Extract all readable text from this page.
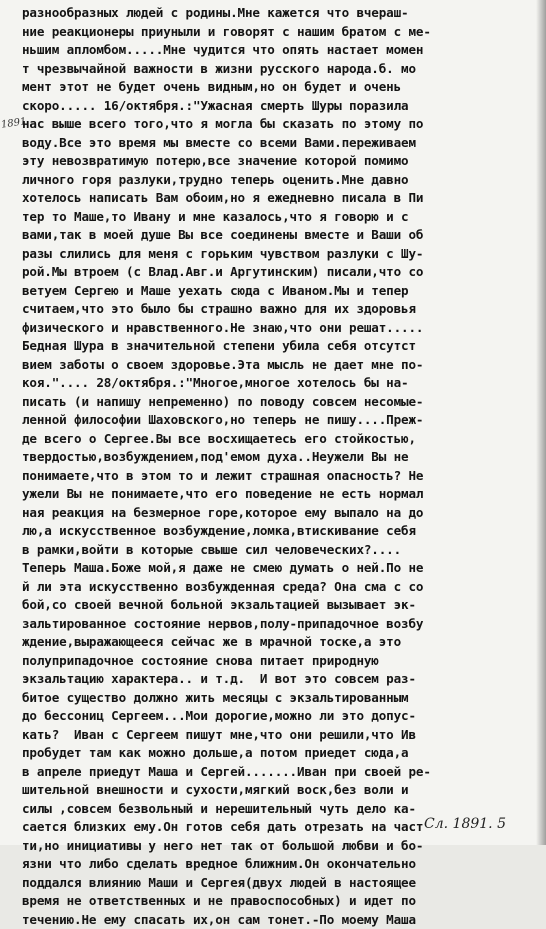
1891
разнообразных людей с родины.Мне кажется что вчераш-
ние реакционеры приуныли и говорят с нашим братом с ме-
ньшим апломбом.....Мне чудится что опять настает момен
т чрезвычайной важности в жизни русского народа.б. мо
мент этот не будет очень видным,но он будет и очень
скоро..... 16/октября.:"Ужасная смерть Шуры поразила
нас выше всего того,что я могла бы сказать по этому по
воду.Все это время мы вместе со всеми Вами.переживаем
эту невозвратимую потерю,все значение которой помимо
личного горя разлуки,трудно теперь оценить.Мне давно
хотелось написать Вам обоим,но я ежедневно писала в Пи
тер то Маше,то Ивану и мне казалось,что я говорю и с
вами,так в моей душе Вы все соединены вместе и Ваши об
разы слились для меня с горьким чувством разлуки с Шу-
рой.Мы втроем (с Влад.Авг.и Аргутинским) писали,что со
ветуем Сергею и Маше уехать сюда с Иваном.Мы и тепер
считаем,что это было бы страшно важно для их здоровья
физического и нравственного.Не знаю,что они решат.....
Бедная Шура в значительной степени убила себя отсутст
вием заботы о своем здоровье.Эта мысль не дает мне по-
коя.".... 28/октября.:"Многое,многое хотелось бы на-
писать (и напишу непременно) по поводу совсем несомые-
ленной философии Шаховского,но теперь не пишу....Преж-
де всего о Сергее.Вы все восхищаетесь его стойкостью,
твердостью,возбуждением,под'емом духа..Неужели Вы не
понимаете,что в этом то и лежит страшная опасность? Не
ужели Вы не понимаете,что его поведение не есть нормал
ная реакция на безмерное горе,которое ему выпало на до
лю,а искусственное возбуждение,ломка,втискивание себя
в рамки,войти в которые свыше сил человеческих?....
Теперь Маша.Боже мой,я даже не смею думать о ней.По не
й ли эта искусственно возбужденная среда? Она сма с со
бой,со своей вечной больной экзальтацией вызывает эк-
зальтированное состояние нервов,полу-припадочное возбу
ждение,выражающееся сейчас же в мрачной тоске,а это
полуприпадочное состояние снова питает природную
экзальтацию характера.. и т.д.  И вот это совсем раз-
битое существо должно жить месяцы с экзальтированным
до бессониц Сергеем...Мои дорогие,можно ли это допус-
кать?  Иван с Сергеем пишут мне,что они решили,что Ив
пробудет там как можно дольше,а потом приедет сюда,а
в апреле приедут Маша и Сергей.......Иван при своей ре-
шительной внешности и сухости,мягкий воск,без воли и
силы ,совсем безвольный и нерешительный чуть дело ка-
сается близких ему.Он готов себя дать отрезать на част
ти,но инициативы у него нет так от большой любви и бо-
язни что либо сделать вредное ближним.Он окончательно
поддался влиянию Маши и Сергея(двух людей в настоящее
время не ответственных и не правоспособных) и идет по
течению.Не ему спасать их,он сам тонет.-По моему Маша
Сл. 1891. 5
